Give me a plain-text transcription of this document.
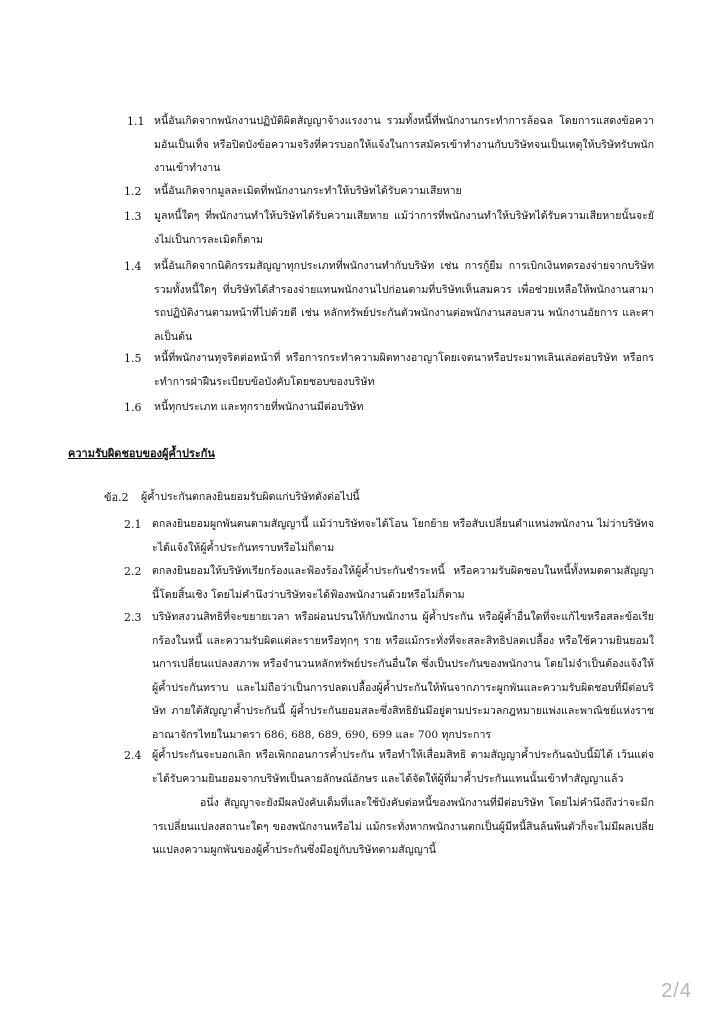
1.1 หนี้อันเกิดจากพนักงานปฏิบัติผิดสัญญาจ้างแรงงาน รวมทั้งหนี้ที่พนักงานกระทำการล้อฉล โดยการแสดงข้อความอันเป็นเท็จ หรือปิดบังข้อความจริงที่ควรบอกให้แจ้งในการสมัครเข้าทำงานกับบริษัทจนเป็นเหตุให้บริษัทรับพนักงานเข้าทำงาน
1.2 หนี้อันเกิดจากมูลละเมิดที่พนักงานกระทำให้บริษัทได้รับความเสียหาย
1.3 มูลหนี้ใดๆ ที่พนักงานทำให้บริษัทได้รับความเสียหาย แม้ว่าการที่พนักงานทำให้บริษัทได้รับความเสียหายนั้นจะยังไม่เป็นการละเมิดก็ตาม
1.4 หนี้อันเกิดจากนิติกรรมสัญญาทุกประเภทที่พนักงานทำกับบริษัท เช่น การกู้ยืม การเบิกเงินทดรองจ่ายจากบริษัท รวมทั้งหนี้ใดๆ ที่บริษัทได้สำรองจ่ายแทนพนักงานไปก่อนตามที่บริษัทเห็นสมควร เพื่อช่วยเหลือให้พนักงานสามารถปฏิบัติงานตามหน้าที่ไปด้วยดี เช่น หลักทรัพย์ประกันตัวพนักงานต่อพนักงานสอบสวน พนักงานอัยการ และศาลเป็นต้น
1.5 หนี้ที่พนักงานทุจริตต่อหน้าที่ หรือการกระทำความผิดทางอาญาโดยเจตนาหรือประมาทเลินเล่อต่อบริษัท หรือกระทำการฝ่าฝืนระเบียบข้อบังคับโดยชอบของบริษัท
1.6 หนี้ทุกประเภท และทุกรายที่พนักงานมีต่อบริษัท
ความรับผิดชอบของผู้ค้ำประกัน
ข้อ.2 ผู้ค้ำประกันตกลงยินยอมรับผิดแก่บริษัทดังต่อไปนี้
2.1 ตกลงยินยอมผูกพันตนตามสัญญานี้ แม้ว่าบริษัทจะได้โอน โยกย้าย หรือสับเปลี่ยนตำแหน่งพนักงาน ไม่ว่าบริษัทจะได้แจ้งให้ผู้ค้ำประกันทราบหรือไม่ก็ตาม
2.2 ตกลงยินยอมให้บริษัทเรียกร้องและฟ้องร้องให้ผู้ค้ำประกันชำระหนี้ หรือความรับผิดชอบในหนี้ทั้งหมดตามสัญญานี้โดยสิ้นเชิง โดยไม่คำนึงว่าบริษัทจะได้ฟ้องพนักงานด้วยหรือไม่ก็ตาม
2.3 บริษัทสงวนสิทธิที่จะขยายเวลา หรือผ่อนปรนให้กับพนักงาน ผู้ค้ำประกัน หรือผู้ค้ำอื่นใดที่จะแก้ไขหรือสละข้อเรียกร้องในหนี้ และความรับผิดแต่ละรายหรือทุกๆ ราย หรือแม้กระทั่งที่จะสละสิทธิปลดเปลื้อง หรือใช้ความยินยอมในการเปลี่ยนแปลงสภาพ หรือจำนวนหลักทรัพย์ประกันอื่นใด ซึ่งเป็นประกันของพนักงาน โดยไม่จำเป็นต้องแจ้งให้ผู้ค้ำประกันทราบ และไม่ถือว่าเป็นการปลดเปลื้องผู้ค้ำประกันให้พ้นจากภาระผูกพันและความรับผิดชอบที่มีต่อบริษัท ภายใต้สัญญาค้ำประกันนี้ ผู้ค้ำประกันยอมสละซึ่งสิทธิยันมีอยู่ตามประมวลกฎหมายแพ่งและพาณิชย์แห่งราชอาณาจักรไทยในมาตรา 686, 688, 689, 690, 699 และ 700 ทุกประการ
2.4 ผู้ค้ำประกันจะบอกเลิก หรือเพิกถอนการค้ำประกัน หรือทำให้เสื่อมสิทธิ ตามสัญญาค้ำประกันฉบับนี้มิได้ เว้นแต่จะได้รับความยินยอมจากบริษัทเป็นลายลักษณ์อักษร และได้จัดให้ผู้ที่มาค้ำประกันแทนนั้นเข้าทำสัญญาแล้ว
อนึ่ง สัญญาจะยังมีผลบังคับเต็มที่และใช้บังคับต่อหนี้ของพนักงานที่มีต่อบริษัท โดยไม่คำนึงถึงว่าจะมีการเปลี่ยนแปลงสถานะใดๆ ของพนักงานหรือไม่ แม้กระทั่งหากพนักงานตกเป็นผู้มีหนี้สินล้นพ้นตัวก็จะไม่มีผลเปลี่ยนแปลงความผูกพันของผู้ค้ำประกันซึ่งมีอยู่กับบริษัทตามสัญญานี้
2/4
